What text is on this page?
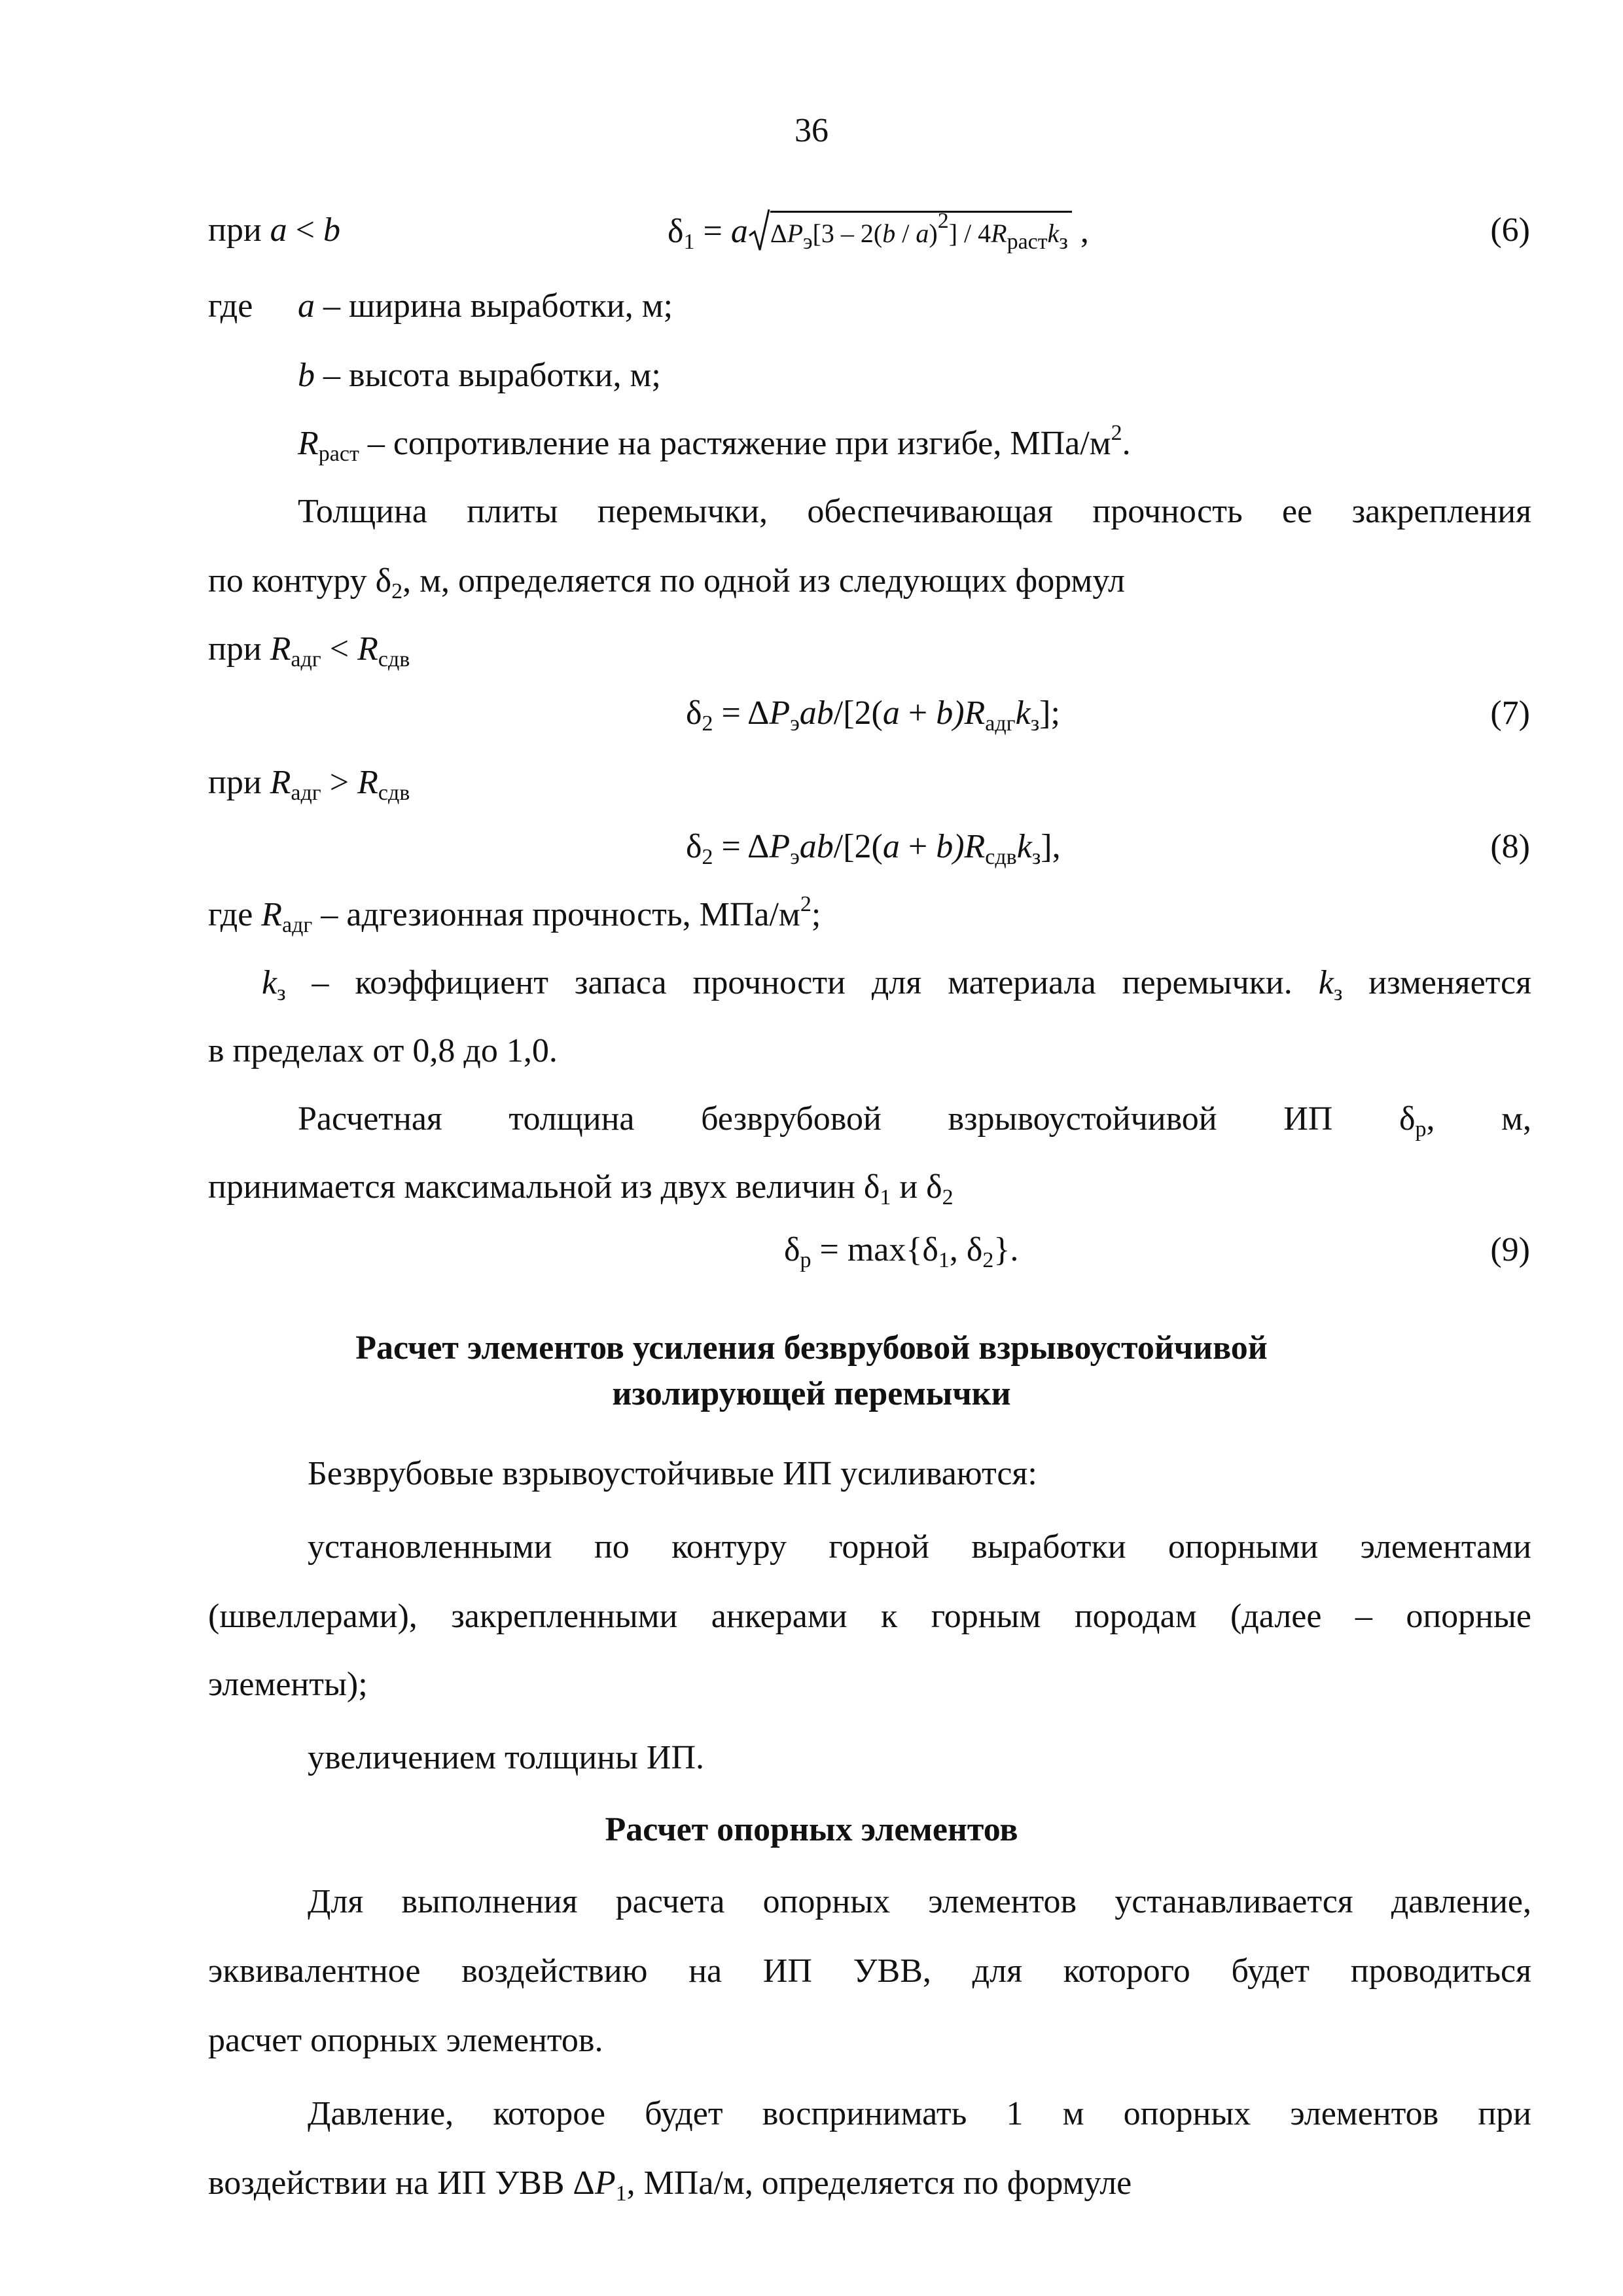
36
при a < b	$\delta_1 = a$ $\Delta P_э[3 - 2(b / a)^2] / 4R_{раст}k_з$ ,	(6)
где a – ширина выработки, м;
b – высота выработки, м;
$R_{раст}$ – сопротивление на растяжение при изгибе, МПа/$м^2$.
Толщина плиты перемычки, обеспечивающая прочность ее закрепления
по контуру $\delta_2$, м, определяется по одной из следующих формул
при $R_{адг} < R_{сдв}$
$\delta_2 = \Delta P_эab/[2(a + b)R_{адг}k_з]$;	(7)
при $R_{адг} > R_{сдв}$
$\delta_2 = \Delta P_эab/[2(a + b)R_{сдв}k_з]$,	(8)
где $R_{адг}$ – адгезионная прочность, МПа/$м^2$;
$k_з$ – коэффициент запаса прочности для материала перемычки. $k_з$ изменяется
в пределах от 0,8 до 1,0.
Расчетная толщина безврубовой взрывоустойчивой ИП $\delta_р$, м,
принимается максимальной из двух величин $\delta_1$ и $\delta_2$
$\delta_р = \max\{\delta_1$, $\delta_2$}.	(9)
Расчет элементов усиления безврубовой взрывоустойчивой
изолирующей перемычки
Безврубовые взрывоустойчивые ИП усиливаются:
установленными по контуру горной выработки опорными элементами
(швеллерами), закрепленными анкерами к горным породам (далее – опорные
элементы);
увеличением толщины ИП.
Расчет опорных элементов
Для выполнения расчета опорных элементов устанавливается давление,
эквивалентное воздействию на ИП УВВ, для которого будет проводиться
расчет опорных элементов.
Давление, которое будет воспринимать 1 м опорных элементов при
воздействии на ИП УВВ $\Delta P_1$, МПа/м, определяется по формуле
